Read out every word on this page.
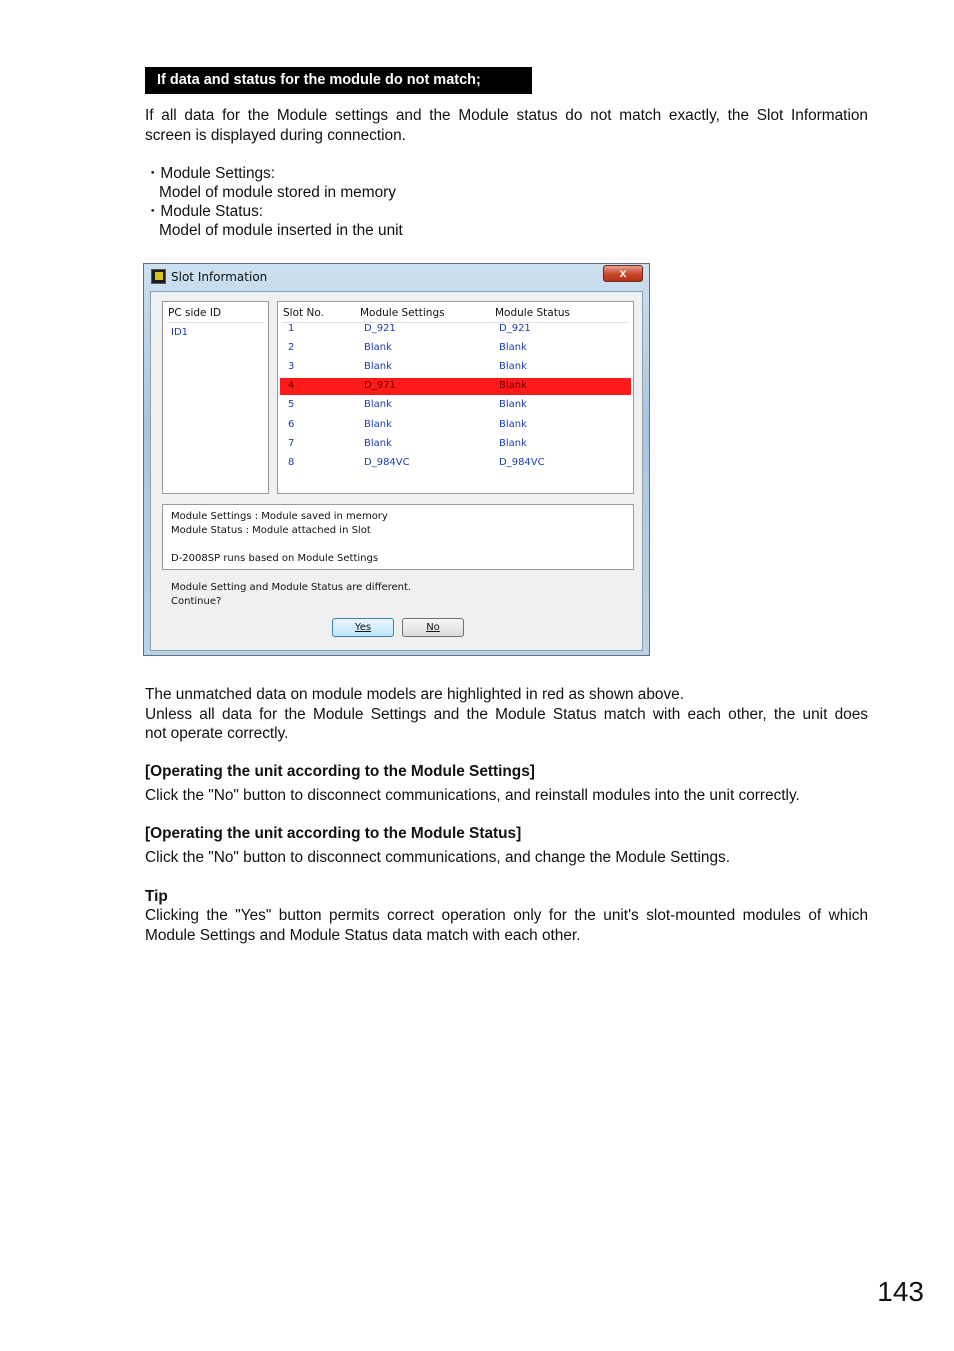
If data and status for the module do not match;
If all data for the Module settings and the Module status do not match exactly, the Slot Information
screen is displayed during connection.
・Module Settings:
Model of module stored in memory
・Module Status:
Model of module inserted in the unit
Slot Information	x
PC side ID
ID1
Slot No.	Module Settings	Module Status
1	D_921	D_921
2	Blank	Blank
3	Blank	Blank
4	D_971	Blank
5	Blank	Blank
6	Blank	Blank
7	Blank	Blank
8	D_984VC	D_984VC
Module Settings : Module saved in memory
Module Status : Module attached in Slot
D-2008SP runs based on Module Settings
Module Setting and Module Status are different.
Continue?
Yes	No
The unmatched data on module models are highlighted in red as shown above.
Unless all data for the Module Settings and the Module Status match with each other, the unit does
not operate correctly.
[Operating the unit according to the Module Settings]
Click the "No" button to disconnect communications, and reinstall modules into the unit correctly.
[Operating the unit according to the Module Status]
Click the "No" button to disconnect communications, and change the Module Settings.
Tip
Clicking the "Yes" button permits correct operation only for the unit's slot-mounted modules of which
Module Settings and Module Status data match with each other.
143
